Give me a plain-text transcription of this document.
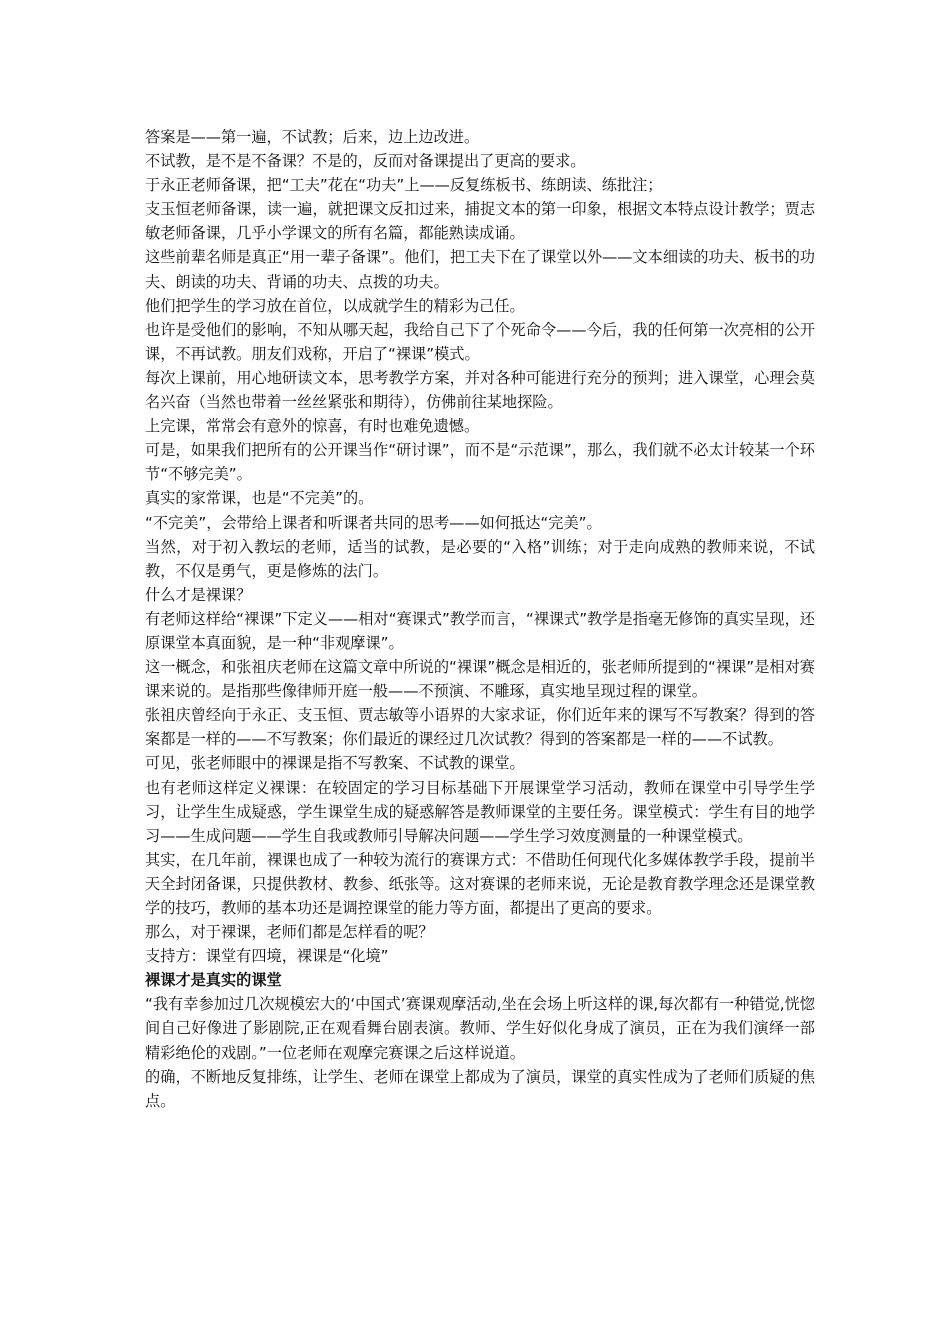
答案是——第一遍，不试教；后来，边上边改进。

不试教，是不是不备课？不是的，反而对备课提出了更高的要求。

于永正老师备课，把“工夫”花在“功夫”上——反复练板书、练朗读、练批注；

支玉恒老师备课，读一遍，就把课文反扣过来，捕捉文本的第一印象，根据文本特点设计教学；贾志敏老师备课，几乎小学课文的所有名篇，都能熟读成诵。

这些前辈名师是真正“用一辈子备课”。他们，把工夫下在了课堂以外——文本细读的功夫、板书的功夫、朗读的功夫、背诵的功夫、点拨的功夫。

他们把学生的学习放在首位，以成就学生的精彩为己任。

也许是受他们的影响，不知从哪天起，我给自己下了个死命令——今后，我的任何第一次亮相的公开课，不再试教。朋友们戏称，开启了“裸课”模式。

每次上课前，用心地研读文本，思考教学方案，并对各种可能进行充分的预判；进入课堂，心理会莫名兴奋（当然也带着一丝丝紧张和期待），仿佛前往某地探险。

上完课，常常会有意外的惊喜，有时也难免遗憾。

可是，如果我们把所有的公开课当作“研讨课”，而不是“示范课”，那么，我们就不必太计较某一个环节“不够完美”。

真实的家常课，也是“不完美”的。

“不完美”，会带给上课者和听课者共同的思考——如何抵达“完美”。

当然，对于初入教坛的老师，适当的试教，是必要的“入格”训练；对于走向成熟的教师来说，不试教，不仅是勇气，更是修炼的法门。

什么才是裸课？

有老师这样给“裸课”下定义——相对“赛课式”教学而言，“裸课式”教学是指毫无修饰的真实呈现，还原课堂本真面貌，是一种“非观摩课”。

这一概念，和张祖庆老师在这篇文章中所说的“裸课”概念是相近的，张老师所提到的“裸课”是相对赛课来说的。是指那些像律师开庭一般——不预演、不雕琢，真实地呈现过程的课堂。

张祖庆曾经向于永正、支玉恒、贾志敏等小语界的大家求证，你们近年来的课写不写教案？得到的答案都是一样的——不写教案；你们最近的课经过几次试教？得到的答案都是一样的——不试教。

可见，张老师眼中的裸课是指不写教案、不试教的课堂。

也有老师这样定义裸课：在较固定的学习目标基础下开展课堂学习活动，教师在课堂中引导学生学习，让学生生成疑惑，学生课堂生成的疑惑解答是教师课堂的主要任务。课堂模式：学生有目的地学习——生成问题——学生自我或教师引导解决问题——学生学习效度测量的一种课堂模式。

其实，在几年前，裸课也成了一种较为流行的赛课方式：不借助任何现代化多媒体教学手段，提前半天全封闭备课，只提供教材、教参、纸张等。这对赛课的老师来说，无论是教育教学理念还是课堂教学的技巧，教师的基本功还是调控课堂的能力等方面，都提出了更高的要求。

那么，对于裸课，老师们都是怎样看的呢？

支持方：课堂有四境，裸课是“化境”

裸课才是真实的课堂

“我有幸参加过几次规模宏大的‘中国式’赛课观摩活动,坐在会场上听这样的课,每次都有一种错觉,恍惚间自己好像进了影剧院,正在观看舞台剧表演。教师、学生好似化身成了演员，正在为我们演绎一部精彩绝伦的戏剧。”一位老师在观摩完赛课之后这样说道。

的确，不断地反复排练，让学生、老师在课堂上都成为了演员，课堂的真实性成为了老师们质疑的焦点。
